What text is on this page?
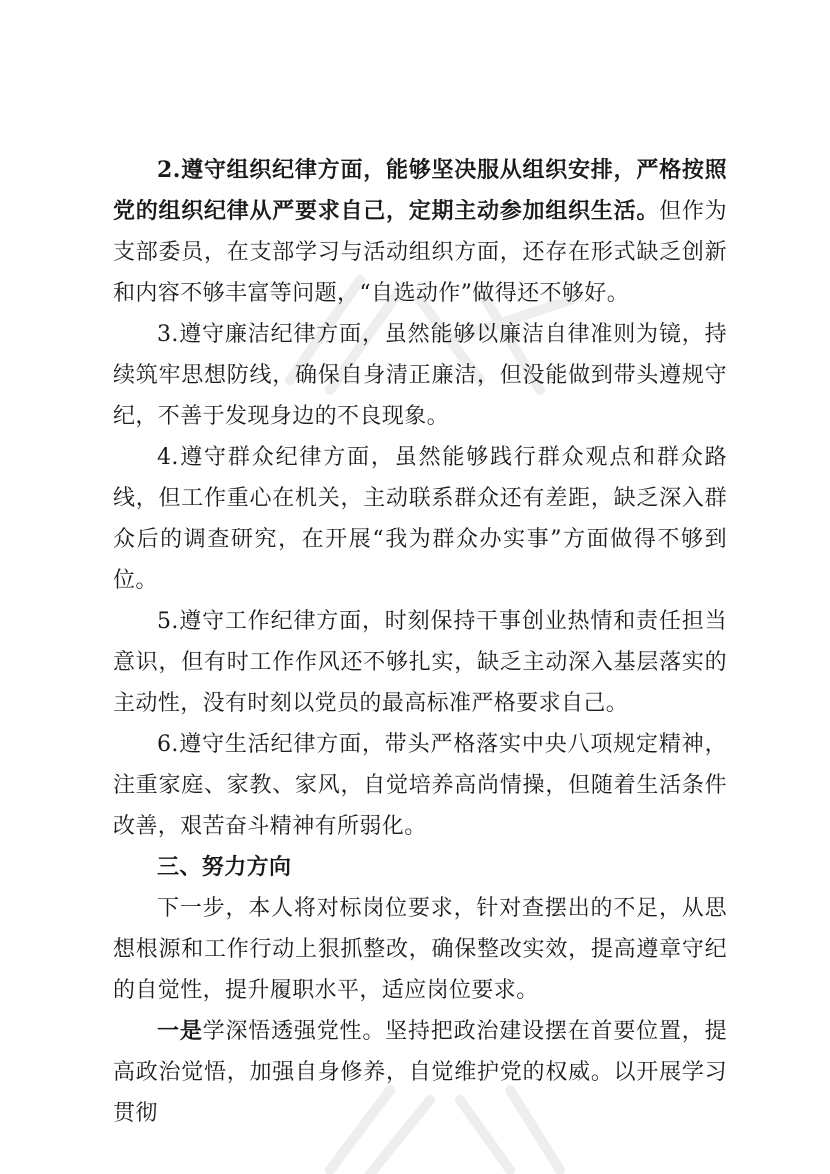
2.遵守组织纪律方面，能够坚决服从组织安排，严格按照党的组织纪律从严要求自己，定期主动参加组织生活。但作为支部委员，在支部学习与活动组织方面，还存在形式缺乏创新和内容不够丰富等问题，“自选动作”做得还不够好。

3.遵守廉洁纪律方面，虽然能够以廉洁自律准则为镜，持续筑牢思想防线，确保自身清正廉洁，但没能做到带头遵规守纪，不善于发现身边的不良现象。

4.遵守群众纪律方面，虽然能够践行群众观点和群众路线，但工作重心在机关，主动联系群众还有差距，缺乏深入群众后的调查研究，在开展“我为群众办实事”方面做得不够到位。

5.遵守工作纪律方面，时刻保持干事创业热情和责任担当意识，但有时工作作风还不够扎实，缺乏主动深入基层落实的主动性，没有时刻以党员的最高标准严格要求自己。

6.遵守生活纪律方面，带头严格落实中央八项规定精神，注重家庭、家教、家风，自觉培养高尚情操，但随着生活条件改善，艰苦奋斗精神有所弱化。

三、努力方向

下一步，本人将对标岗位要求，针对查摆出的不足，从思想根源和工作行动上狠抓整改，确保整改实效，提高遵章守纪的自觉性，提升履职水平，适应岗位要求。

一是学深悟透强党性。坚持把政治建设摆在首要位置，提高政治觉悟，加强自身修养，自觉维护党的权威。以开展学习贯彻
